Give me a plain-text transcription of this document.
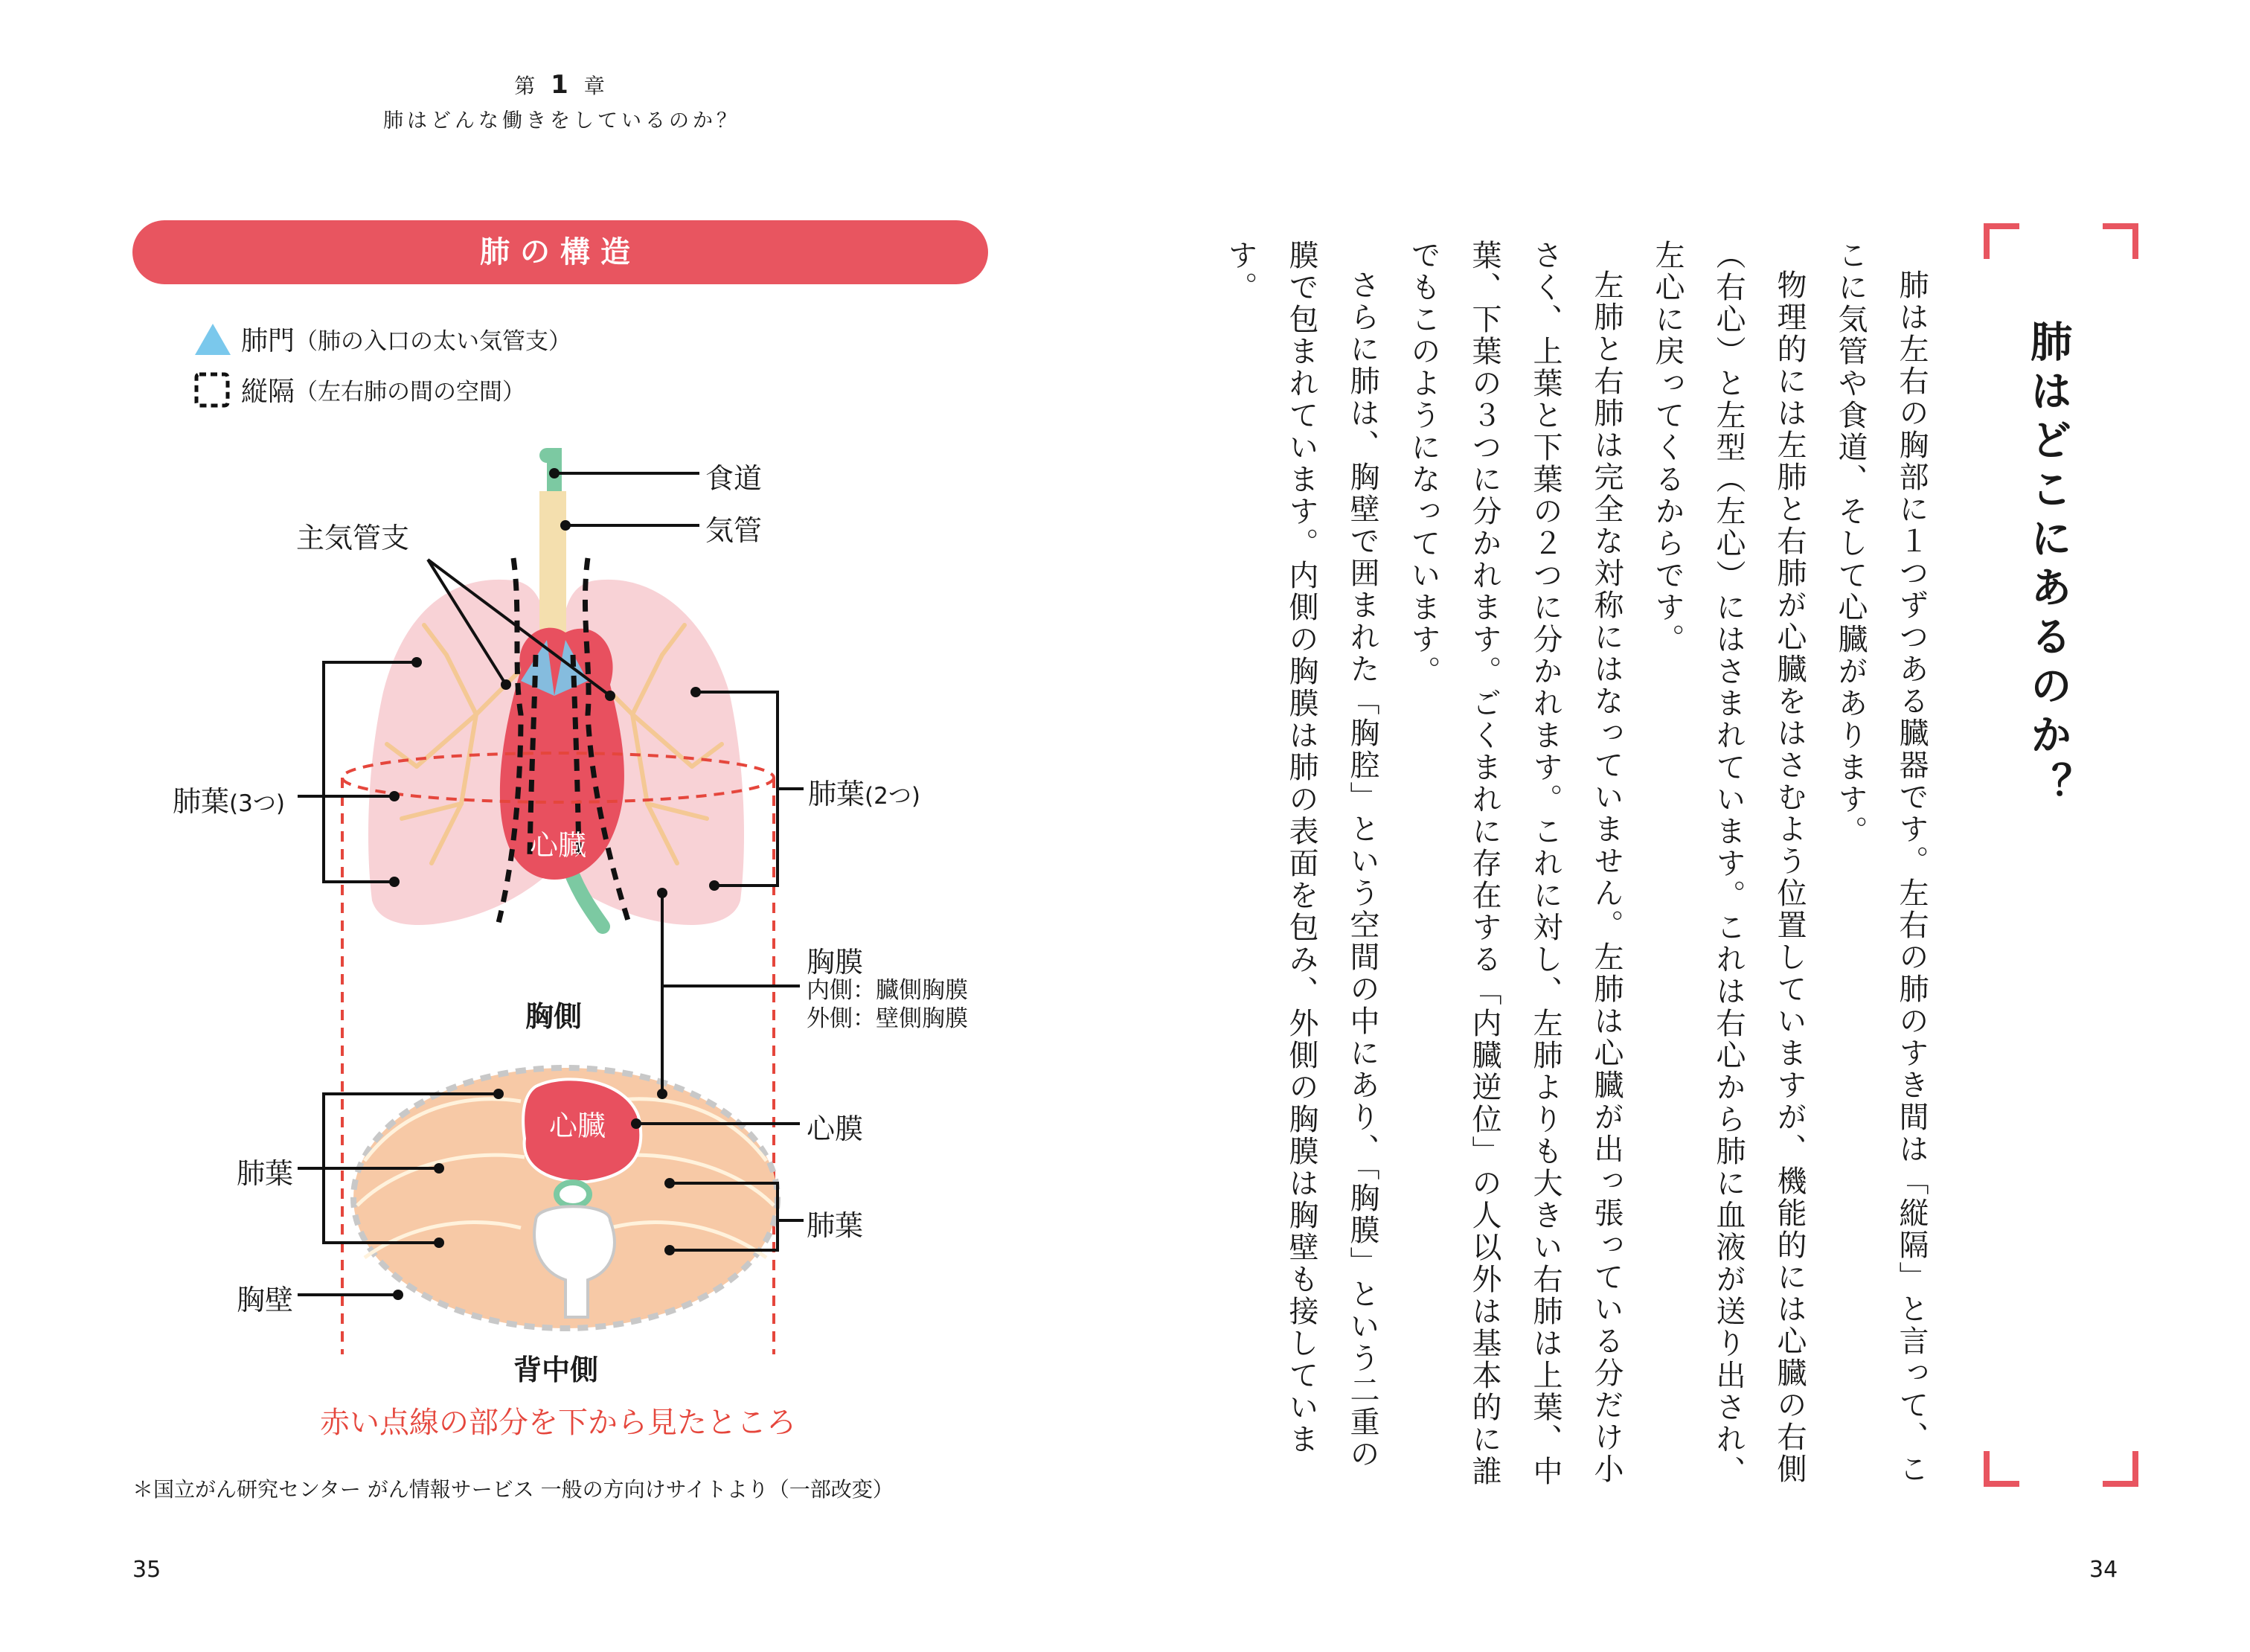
第 1 章
肺はどんな働きをしているのか？
肺の構造
肺門 （肺の入口の太い気管支）
縦隔 （左右肺の間の空間）
食道
気管
主気管支
肺葉(3つ)	肺葉(2つ)
心臓
胸膜
内側：臓側胸膜
外側：壁側胸膜
胸側
心臓	心膜
肺葉
肺葉
胸壁
背中側
赤い点線の部分を下から見たところ
＊国立がん研究センター がん情報サービス 一般の方向けサイトより（一部改変）
35
肺はどこにあるのか？

肺は左右の胸部に１つずつある臓器です。左右の肺のすき間は「縦隔」と言って、ここに気管や食道、そして心臓があります。

物理的には左肺と右肺が心臓をはさむよう位置していますが、機能的には心臓の右側（右心）と左型（左心）にはさまれています。これは右心から肺に血液が送り出され、左心に戻ってくるからです。

左肺と右肺は完全な対称にはなっていません。左肺は心臓が出っ張っている分だけ小さく、上葉と下葉の２つに分かれます。これに対し、左肺よりも大きい右肺は上葉、中葉、下葉の３つに分かれます。ごくまれに存在する「内臓逆位」の人以外は基本的に誰でもこのようになっています。

さらに肺は、胸壁で囲まれた「胸腔」という空間の中にあり、「胸膜」という二重の膜で包まれています。内側の胸膜は肺の表面を包み、外側の胸膜は胸壁も接しています。

34
